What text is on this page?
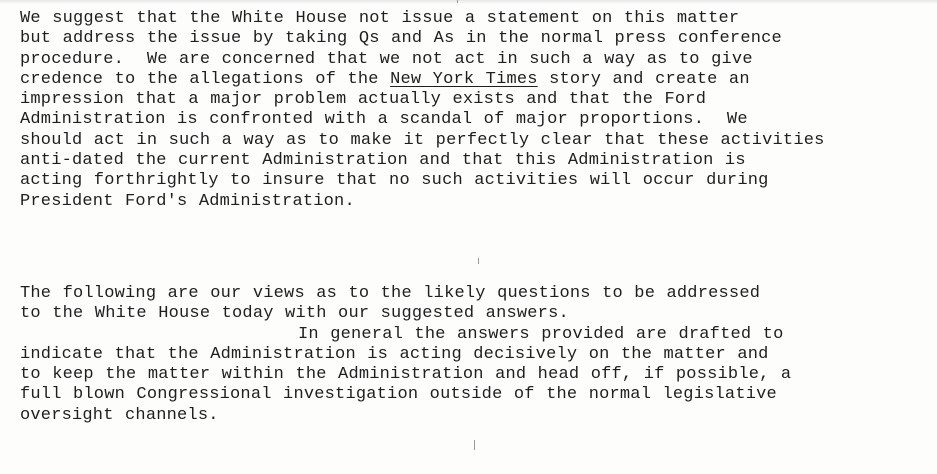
We suggest that the White House not issue a statement on this matter
but address the issue by taking Qs and As in the normal press conference
procedure.  We are concerned that we not act in such a way as to give
credence to the allegations of the New York Times story and create an
impression that a major problem actually exists and that the Ford
Administration is confronted with a scandal of major proportions.  We
should act in such a way as to make it perfectly clear that these activities
anti-dated the current Administration and that this Administration is
acting forthrightly to insure that no such activities will occur during
President Ford's Administration.
The following are our views as to the likely questions to be addressed
to the White House today with our suggested answers.
In general the answers provided are drafted to
indicate that the Administration is acting decisively on the matter and
to keep the matter within the Administration and head off, if possible, a
full blown Congressional investigation outside of the normal legislative
oversight channels.
